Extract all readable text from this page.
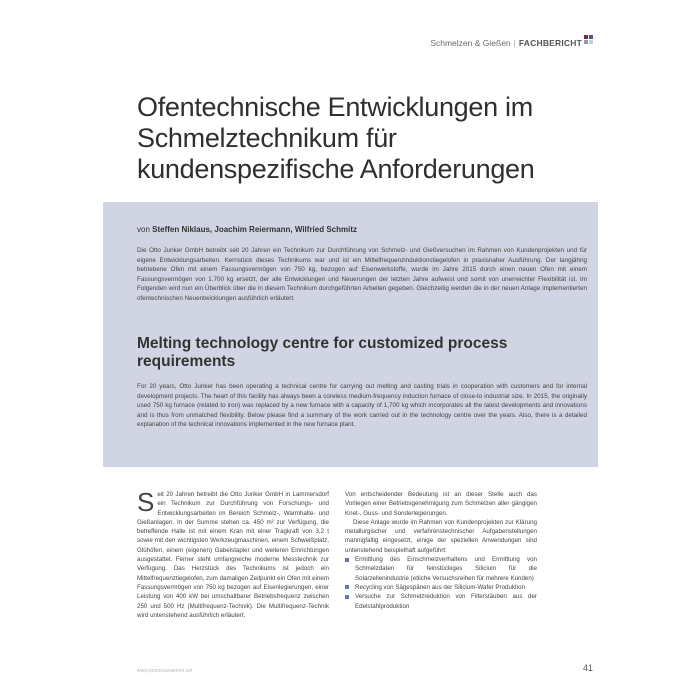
Schmelzen & Gießen | FACHBERICHT
Ofentechnische Entwicklungen im Schmelztechnikum für kundenspezifische Anforderungen
von Steffen Niklaus, Joachim Reiermann, Wilfried Schmitz

Die Otto Junker GmbH betreibt seit 20 Jahren ein Technikum zur Durchführung von Schmelz- und Gießversuchen im Rahmen von Kundenprojekten und für eigene Entwicklungsarbeiten. Kernstück dieses Technikums war und ist ein Mittelfrequenzinduktionstiegelofen in praxisnaher Ausführung. Der langjährig betriebene Ofen mit einem Fassungsvermögen von 750 kg, bezogen auf Eisenwerkstoffe, wurde im Jahre 2015 durch einen neuen Ofen mit einem Fassungsvermögen von 1.700 kg ersetzt, der alle Entwicklungen und Neuerungen der letzten Jahre aufweist und somit von unerreichter Flexibilität ist. Im Folgenden wird nun ein Überblick über die in diesem Technikum durchgeführten Arbeiten gegeben. Gleichzeitig werden die in der neuen Anlage implementierten ofentechnischen Neuentwicklungen ausführlich erläutert.

Melting technology centre for customized process requirements

For 20 years, Otto Junker has been operating a technical centre for carrying out melting and casting trials in cooperation with customers and for internal development projects. The heart of this facility has always been a coreless medium-frequency induction furnace of close-to industrial size. In 2015, the originally used 750 kg furnace (related to iron) was replaced by a new furnace with a capacity of 1,700 kg which incorporates all the latest developments and innovations and is thus from unmatched flexibility. Below please find a summary of the work carried out in the technology centre over the years. Also, there is a detailed explanation of the technical innovations implemented in the new furnace plant.

S eit 20 Jahren betreibt die Otto Junker GmbH in Lammersdorf ein Technikum zur Durchführung von Forschungs- und Entwicklungsarbeiten im Bereich Schmelz-, Warmhalte- und Gießanlagen. In der Summe stehen ca. 450 m² zur Verfügung, die betreffende Halle ist mit einem Kran mit einer Tragkraft von 3,2 t sowie mit den wichtigsten Werkzeugmaschinen, einem Schweißplatz, Glühöfen, einem (eigenen) Gabelstapler und weiteren Einrichtungen ausgestattet. Ferner steht umfangreiche moderne Messtechnik zur Verfügung. Das Herzstück des Technikums ist jedoch ein Mittelfrequenztiegelofen, zum damaligen Zeitpunkt ein Ofen mit einem Fassungsvermögen von 750 kg bezogen auf Eisenlegierungen, einer Leistung von 400 kW bei umschaltbarer Betriebsfrequenz zwischen 250 und 500 Hz (Multifrequenz-Technik). Die Multifrequenz-Technik wird untenstehend ausführlich erläutert.

Von entscheidender Bedeutung ist an dieser Stelle auch das Vorliegen einer Betriebsgenehmigung zum Schmelzen aller gängigen Knet-, Guss- und Sonderlegierungen.

Diese Anlage wurde im Rahmen von Kundenprojekten zur Klärung metallurgischer und verfahrenstechnischer Aufgabenstellungen mannigfaltig eingesetzt, einige der speziellen Anwendungen sind untenstehend beispielhaft aufgeführt:

Ermittlung des Einschmelzverhaltens und Ermittlung von Schmelzdaten für feinstückiges Silicium für die Solarzellenindustrie (etliche Versuchsreihen für mehrere Kunden)
Recycling von Sägespänen aus der Silicium-Wafer Produktion
Versuche zur Schmelzreduktion von Filterstäuben aus der Edelstahlproduktion
www.prozesswaerme.net	41
